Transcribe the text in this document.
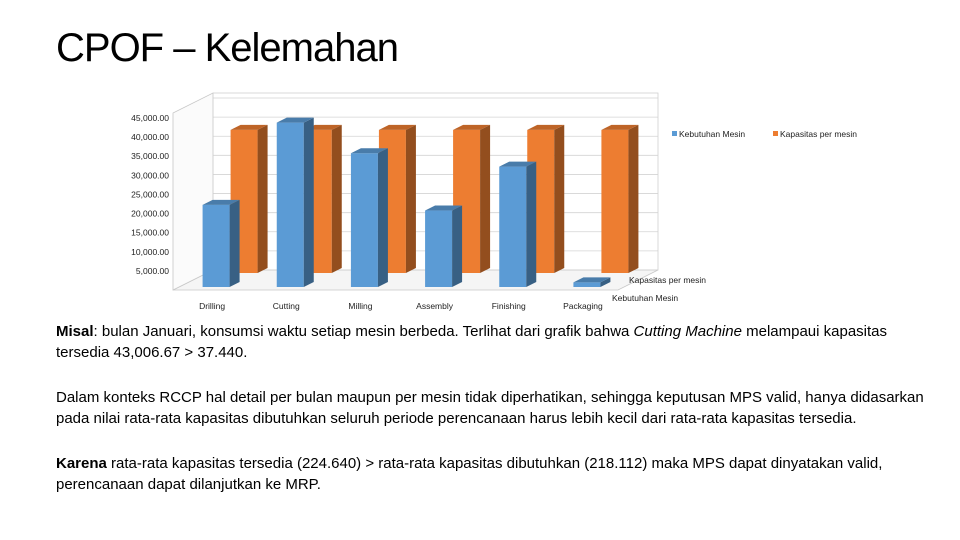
CPOF – Kelemahan
5,000.00
10,000.00
15,000.00
20,000.00
25,000.00
30,000.00
35,000.00
40,000.00
45,000.00
Drilling	Cutting	Milling	Assembly	Finishing	Packaging
Kapasitas per mesin
Kebutuhan Mesin
Kebutuhan Mesin	Kapasitas per mesin

Misal: bulan Januari, konsumsi waktu setiap mesin berbeda. Terlihat dari grafik bahwa Cutting Machine melampaui kapasitas tersedia 43,006.67 > 37.440.

Dalam konteks RCCP hal detail per bulan maupun per mesin tidak diperhatikan, sehingga keputusan MPS valid, hanya didasarkan pada nilai rata-rata kapasitas dibutuhkan seluruh periode perencanaan harus lebih kecil dari rata-rata kapasitas tersedia.

Karena rata-rata kapasitas tersedia (224.640) > rata-rata kapasitas dibutuhkan (218.112) maka MPS dapat dinyatakan valid, perencanaan dapat dilanjutkan ke MRP.
